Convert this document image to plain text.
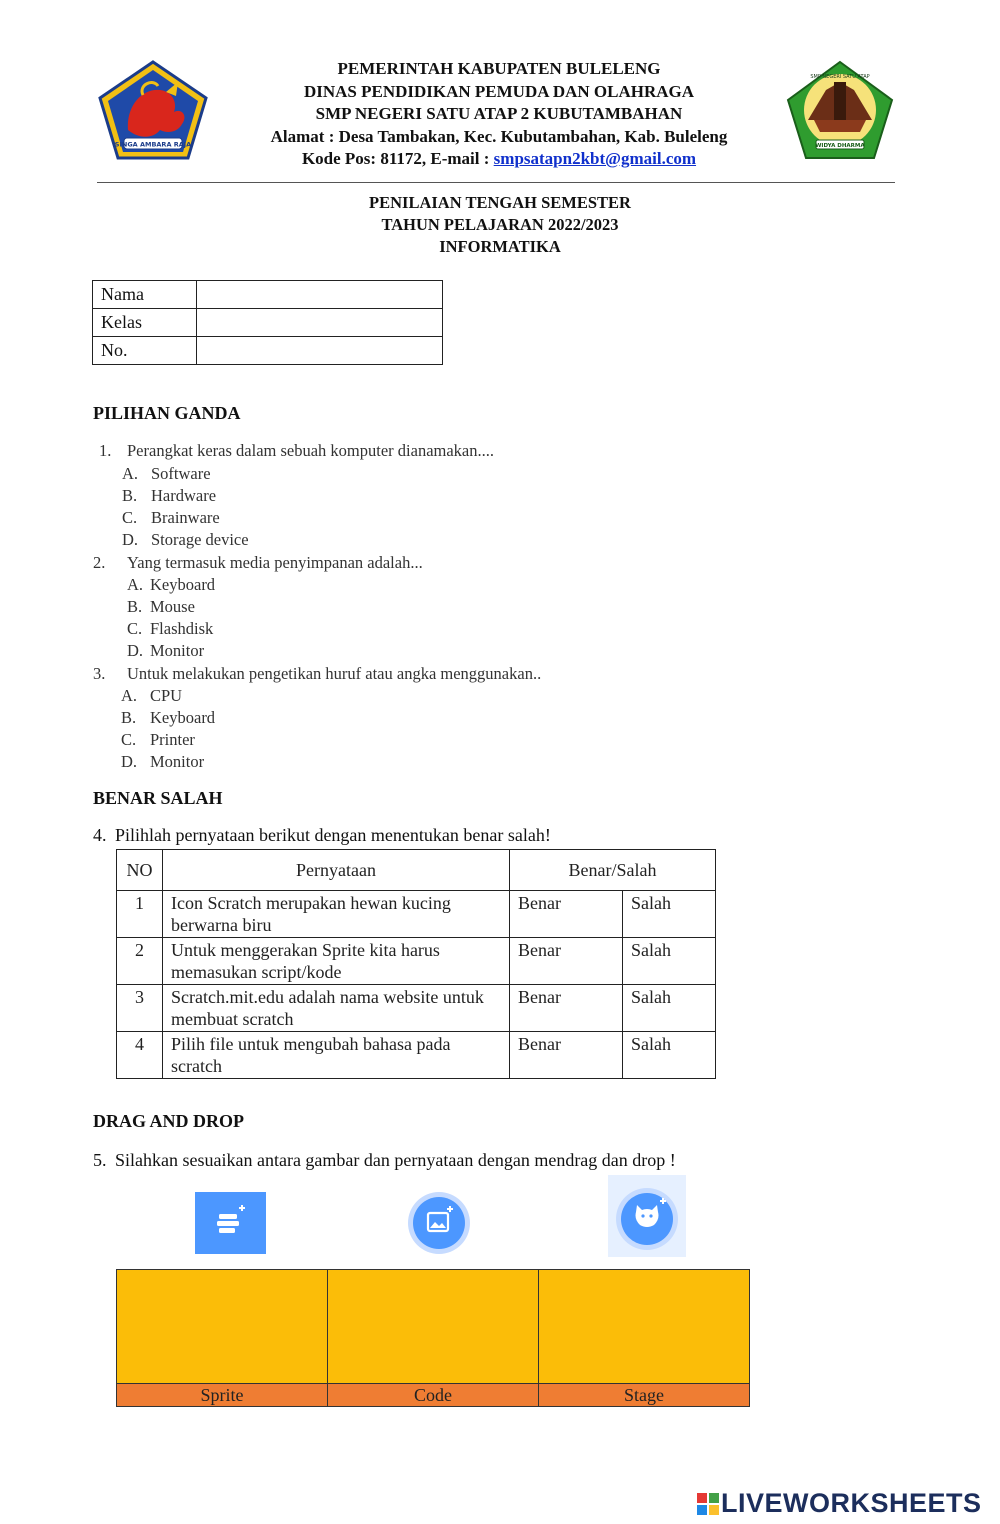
SINGA AMBARA RAJA
PEMERINTAH KABUPATEN BULELENG
DINAS PENDIDIKAN PEMUDA DAN OLAHRAGA
SMP NEGERI SATU ATAP 2 KUBUTAMBAHAN
Alamat : Desa Tambakan, Kec. Kubutambahan, Kab. Buleleng
Kode Pos: 81172, E-mail : smpsatapn2kbt@gmail.com
WIDYA DHARMA
SMP NEGERI SATU ATAP
PENILAIAN TENGAH SEMESTER
TAHUN PELAJARAN 2022/2023
INFORMATIKA
Nama	
Kelas	
No.	
PILIHAN GANDA
1. Perangkat keras dalam sebuah komputer dianamakan....
A. Software
B. Hardware
C. Brainware
D. Storage device
2. Yang termasuk media penyimpanan adalah...
A. Keyboard
B. Mouse
C. Flashdisk
D. Monitor
3. Untuk melakukan pengetikan huruf atau angka menggunakan..
A. CPU
B. Keyboard
C. Printer
D. Monitor
BENAR SALAH
4. Pilihlah pernyataan berikut dengan menentukan benar salah!
NO	Pernyataan	Benar/Salah	
1	Icon Scratch merupakan hewan kucing berwarna biru	Benar	Salah
2	Untuk menggerakan Sprite kita harus memasukan script/kode	Benar	Salah
3	Scratch.mit.edu adalah nama website untuk membuat scratch	Benar	Salah
4	Pilih file untuk mengubah bahasa pada scratch	Benar	Salah
DRAG AND DROP
5. Silahkan sesuaikan antara gambar dan pernyataan dengan mendrag dan drop !
Sprite	Code	Stage
LIVEWORKSHEETS
